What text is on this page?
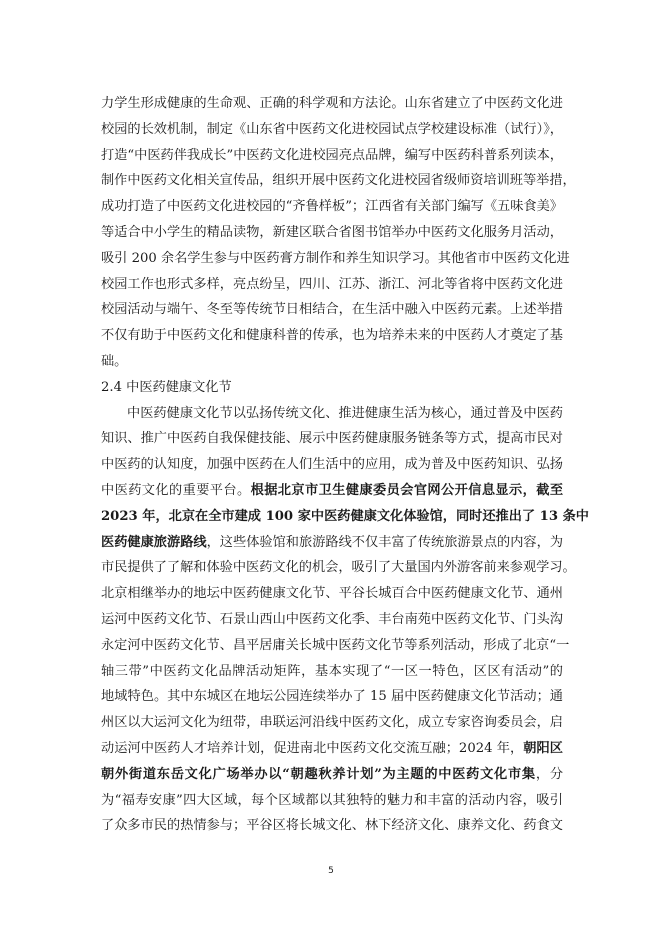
力学生形成健康的生命观、正确的科学观和方法论。山东省建立了中医药文化进
校园的长效机制，制定《山东省中医药文化进校园试点学校建设标准（试行）》，
打造“中医药伴我成长”中医药文化进校园亮点品牌，编写中医药科普系列读本，
制作中医药文化相关宣传品，组织开展中医药文化进校园省级师资培训班等举措，
成功打造了中医药文化进校园的“齐鲁样板”；江西省有关部门编写《五味食美》
等适合中小学生的精品读物，新建区联合省图书馆举办中医药文化服务月活动，
吸引 200 余名学生参与中医药膏方制作和养生知识学习。其他省市中医药文化进
校园工作也形式多样，亮点纷呈，四川、江苏、浙江、河北等省将中医药文化进
校园活动与端午、冬至等传统节日相结合，在生活中融入中医药元素。上述举措
不仅有助于中医药文化和健康科普的传承，也为培养未来的中医药人才奠定了基
础。
2.4 中医药健康文化节
中医药健康文化节以弘扬传统文化、推进健康生活为核心，通过普及中医药
知识、推广中医药自我保健技能、展示中医药健康服务链条等方式，提高市民对
中医药的认知度，加强中医药在人们生活中的应用，成为普及中医药知识、弘扬
中医药文化的重要平台。根据北京市卫生健康委员会官网公开信息显示，截至
2023 年，北京在全市建成 100 家中医药健康文化体验馆，同时还推出了 13 条中
医药健康旅游路线，这些体验馆和旅游路线不仅丰富了传统旅游景点的内容，为
市民提供了了解和体验中医药文化的机会，吸引了大量国内外游客前来参观学习。
北京相继举办的地坛中医药健康文化节、平谷长城百合中医药健康文化节、通州
运河中医药文化节、石景山西山中医药文化季、丰台南苑中医药文化节、门头沟
永定河中医药文化节、昌平居庸关长城中医药文化节等系列活动，形成了北京“一
轴三带”中医药文化品牌活动矩阵，基本实现了“一区一特色，区区有活动”的
地域特色。其中东城区在地坛公园连续举办了 15 届中医药健康文化节活动；通
州区以大运河文化为纽带，串联运河沿线中医药文化，成立专家咨询委员会，启
动运河中医药人才培养计划，促进南北中医药文化交流互融；2024 年，朝阳区
朝外街道东岳文化广场举办以“朝趣秋养计划”为主题的中医药文化市集，分
为“福寿安康”四大区域，每个区域都以其独特的魅力和丰富的活动内容，吸引
了众多市民的热情参与；平谷区将长城文化、林下经济文化、康养文化、药食文
5
